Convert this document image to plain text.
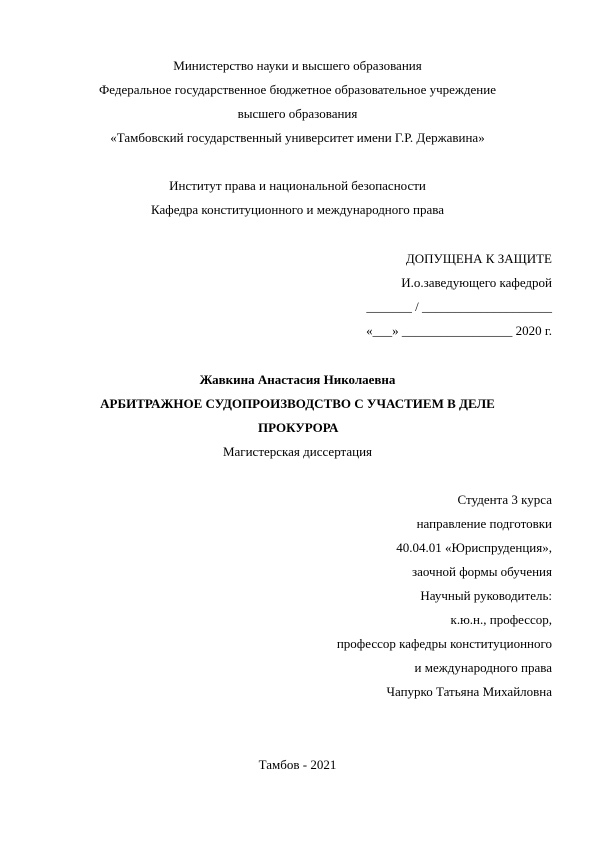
Министерство науки и высшего образования
Федеральное государственное бюджетное образовательное учреждение
высшего образования
«Тамбовский государственный университет имени Г.Р. Державина»
Институт права и национальной безопасности
Кафедра конституционного и международного права
ДОПУЩЕНА К ЗАЩИТЕ
И.о.заведующего кафедрой
_______ / ____________________
«___» _________________ 2020 г.
Жавкина Анастасия Николаевна
АРБИТРАЖНОЕ СУДОПРОИЗВОДСТВО С УЧАСТИЕМ В ДЕЛЕ
ПРОКУРОРА
Магистерская диссертация
Студента 3 курса
направление подготовки
40.04.01 «Юриспруденция»,
заочной формы обучения
Научный руководитель:
к.ю.н., профессор,
профессор кафедры конституционного
и международного права
Чапурко Татьяна Михайловна
Тамбов - 2021
